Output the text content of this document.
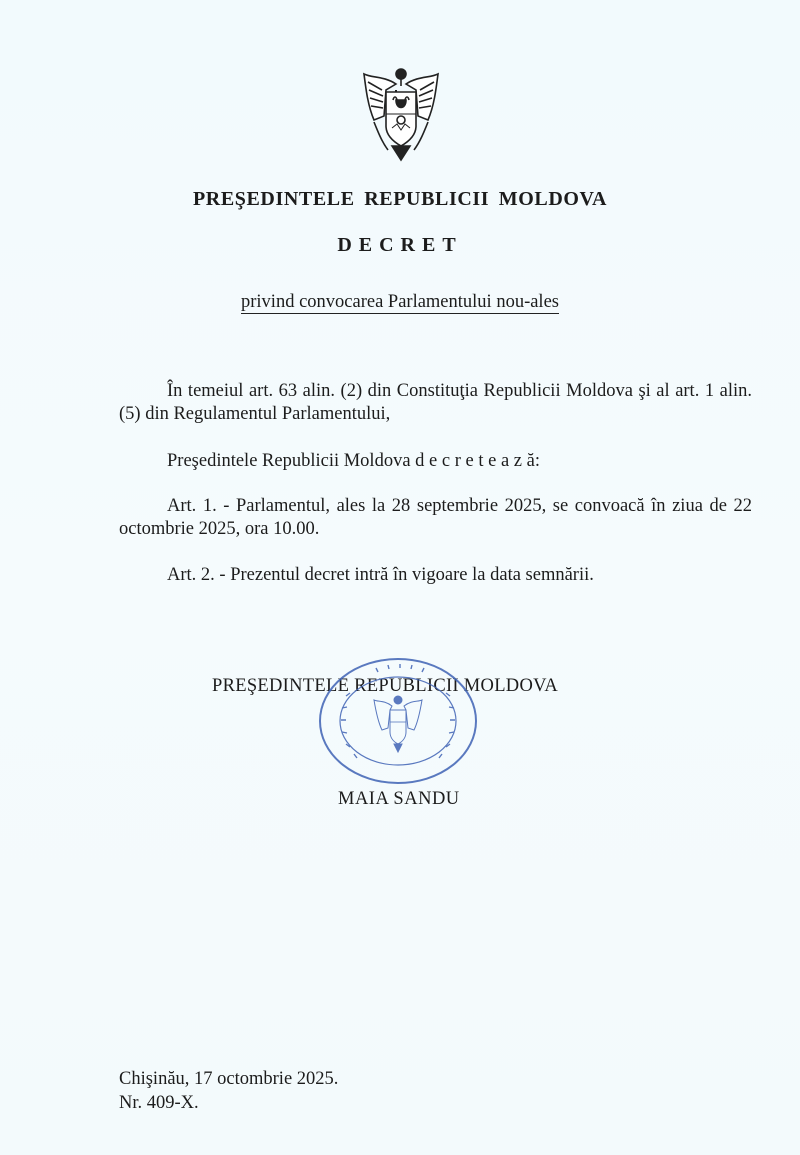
PREŞEDINTELE REPUBLICII MOLDOVA
DECRET
privind convocarea Parlamentului nou-ales
În temeiul art. 63 alin. (2) din Constituţia Republicii Moldova şi al art. 1 alin. (5) din Regulamentul Parlamentului,
Preşedintele Republicii Moldova d e c r e t e a z ă:
Art. 1. - Parlamentul, ales la 28 septembrie 2025, se convoacă în ziua de 22 octombrie 2025, ora 10.00.
Art. 2. - Prezentul decret intră în vigoare la data semnării.
PREŞEDINTELE REPUBLICII MOLDOVA
MAIA SANDU
Chişinău, 17 octombrie 2025.
Nr. 409-X.
